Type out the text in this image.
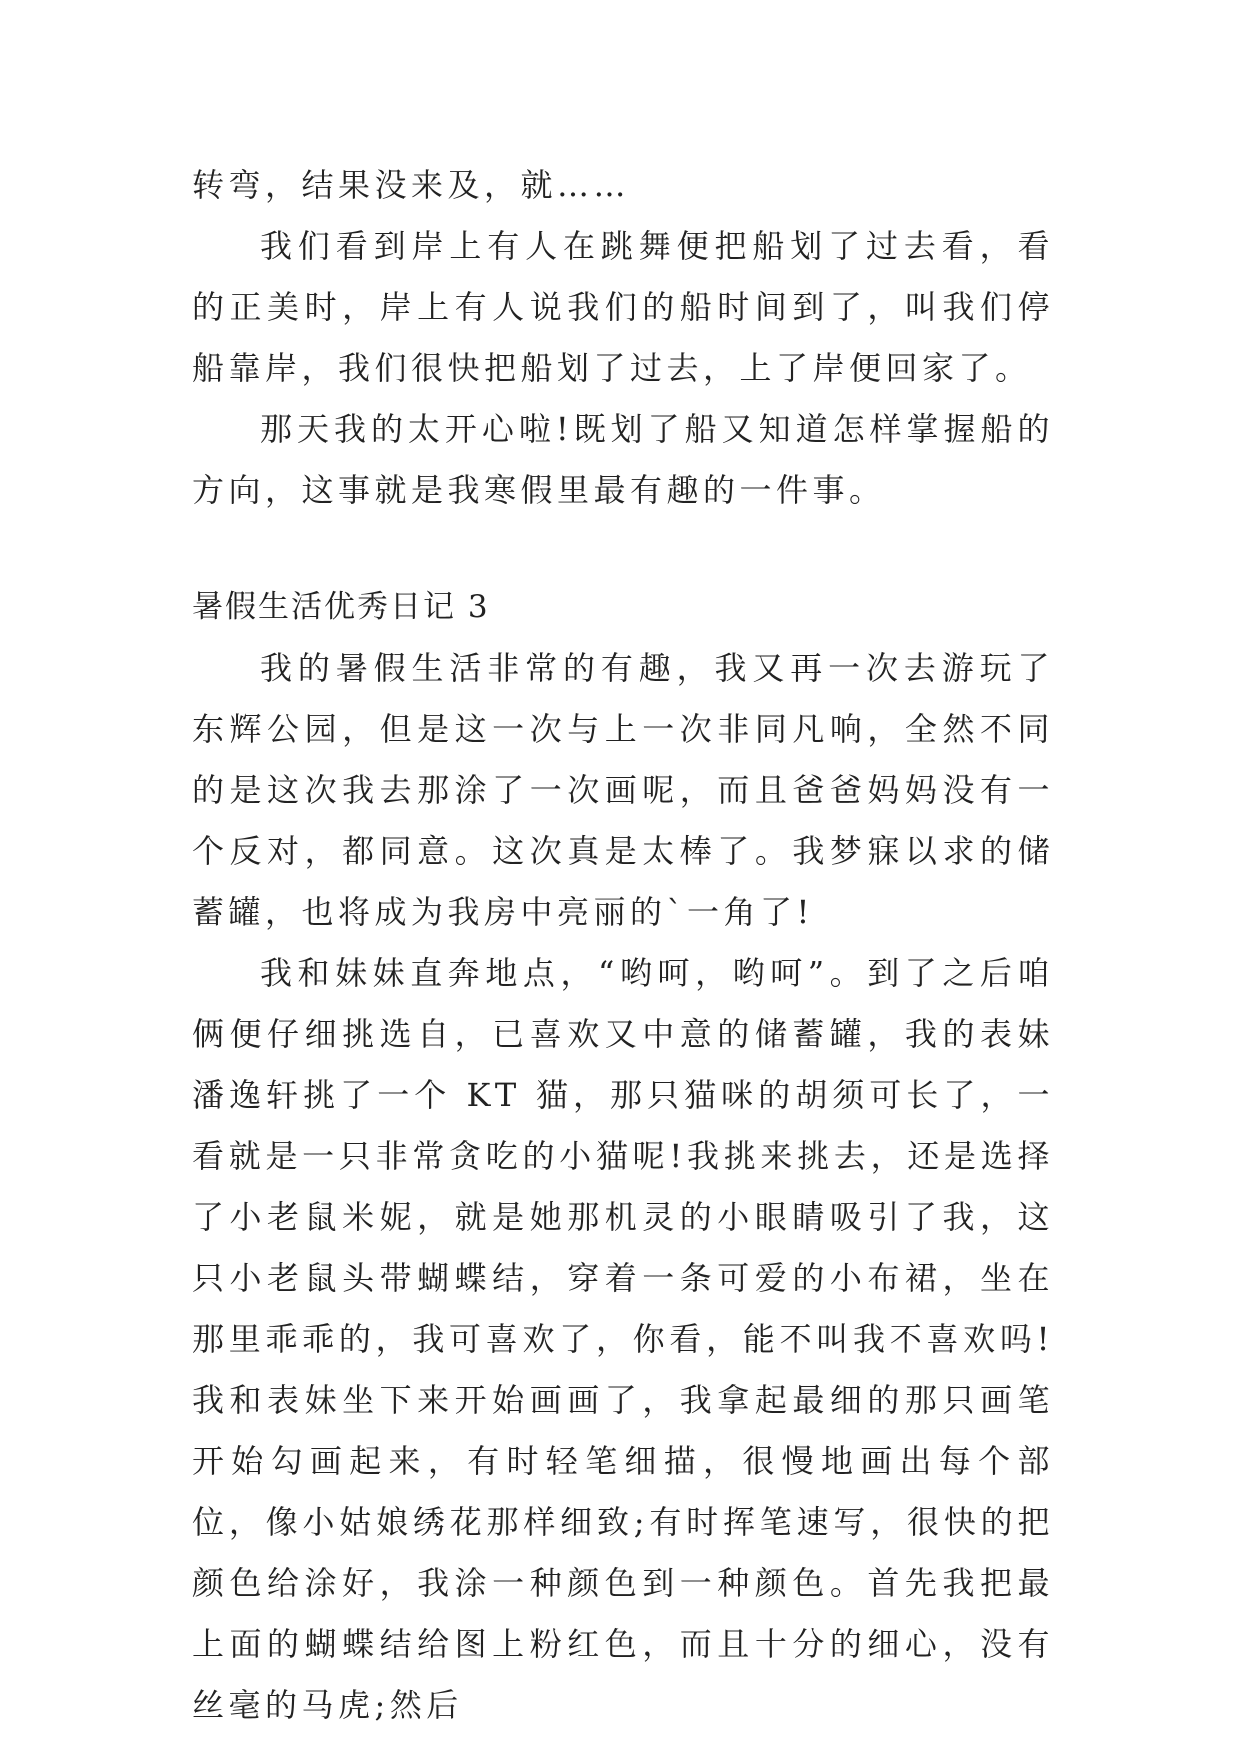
转弯，结果没来及，就……

我们看到岸上有人在跳舞便把船划了过去看，看的正美时，岸上有人说我们的船时间到了，叫我们停船靠岸，我们很快把船划了过去，上了岸便回家了。

那天我的太开心啦!既划了船又知道怎样掌握船的方向，这事就是我寒假里最有趣的一件事。

暑假生活优秀日记 3

我的暑假生活非常的有趣，我又再一次去游玩了东辉公园，但是这一次与上一次非同凡响，全然不同的是这次我去那涂了一次画呢，而且爸爸妈妈没有一个反对，都同意。这次真是太棒了。我梦寐以求的储蓄罐，也将成为我房中亮丽的`一角了!

我和妹妹直奔地点，“哟呵，哟呵”。到了之后咱俩便仔细挑选自，已喜欢又中意的储蓄罐，我的表妹潘逸轩挑了一个 KT 猫，那只猫咪的胡须可长了，一看就是一只非常贪吃的小猫呢!我挑来挑去，还是选择了小老鼠米妮，就是她那机灵的小眼睛吸引了我，这只小老鼠头带蝴蝶结，穿着一条可爱的小布裙，坐在那里乖乖的，我可喜欢了，你看，能不叫我不喜欢吗!我和表妹坐下来开始画画了，我拿起最细的那只画笔开始勾画起来，有时轻笔细描，很慢地画出每个部位，像小姑娘绣花那样细致;有时挥笔速写，很快的把颜色给涂好，我涂一种颜色到一种颜色。首先我把最上面的蝴蝶结给图上粉红色，而且十分的细心，没有丝毫的马虎;然后
